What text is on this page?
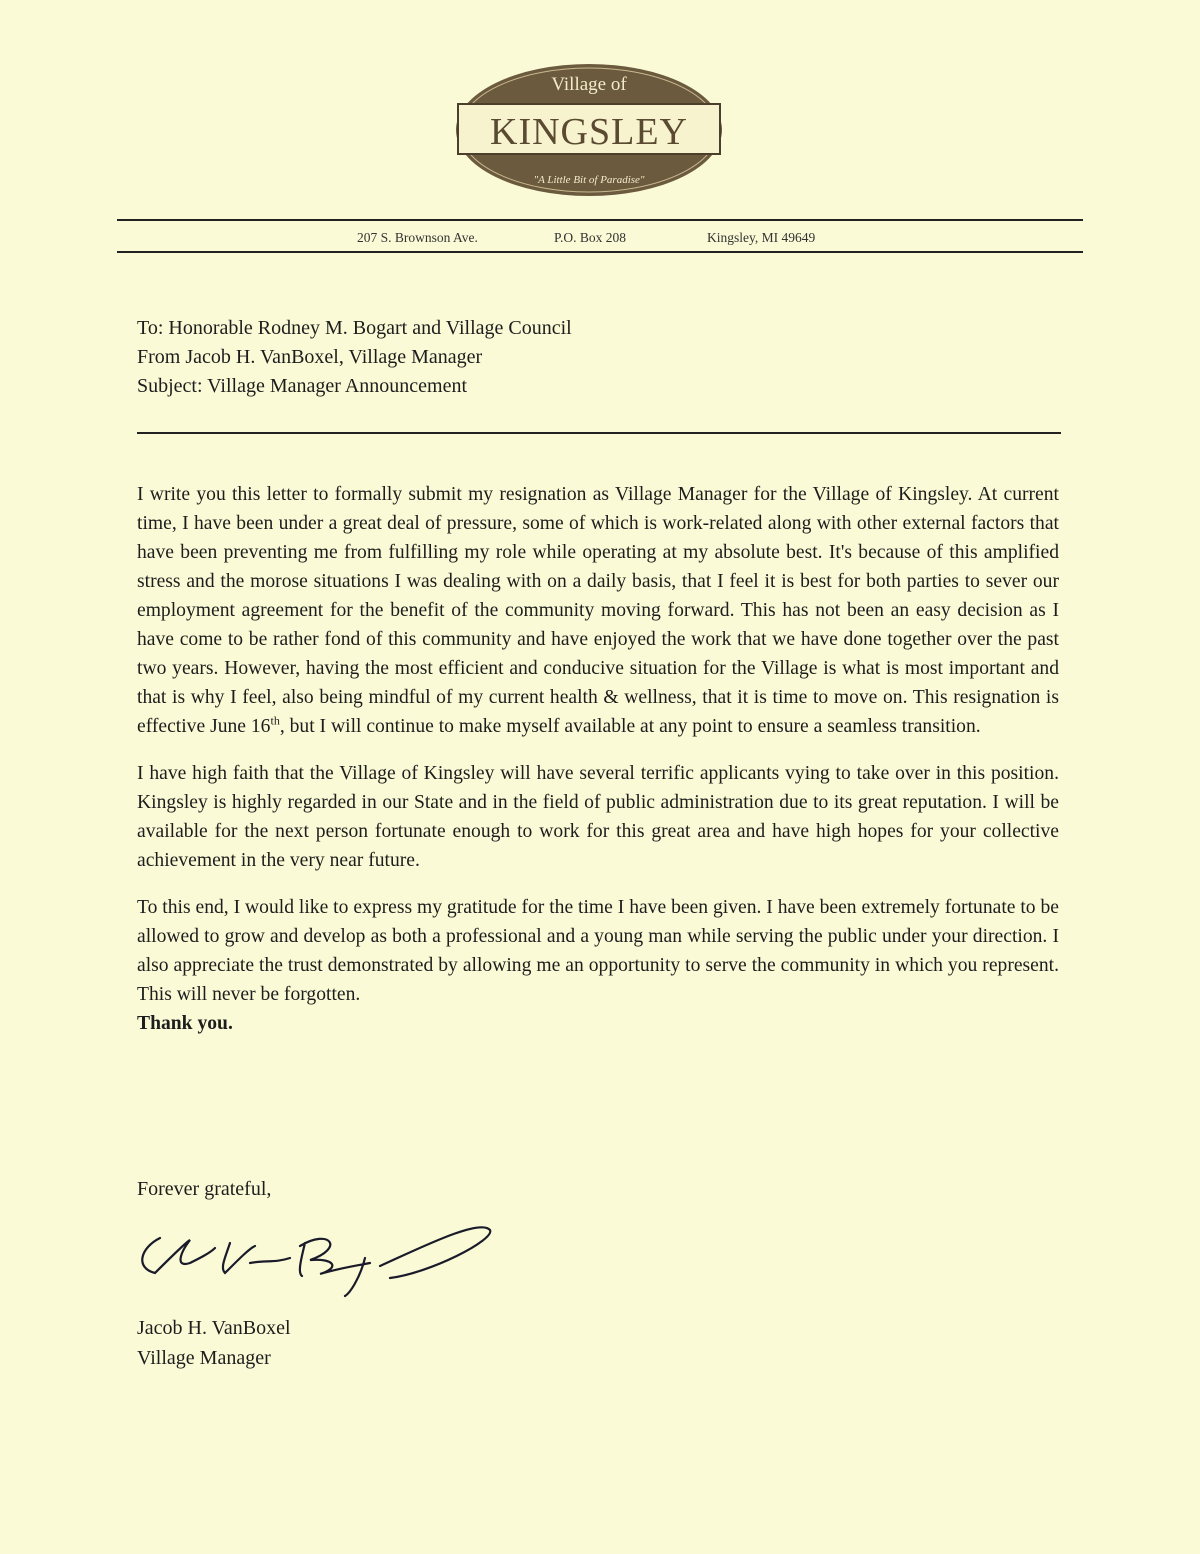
Village of
KINGSLEY
"A Little Bit of Paradise"
207 S. Brownson Ave.	P.O. Box 208	Kingsley, MI 49649
To: Honorable Rodney M. Bogart and Village Council
From Jacob H. VanBoxel, Village Manager
Subject: Village Manager Announcement

I write you this letter to formally submit my resignation as Village Manager for the Village of Kingsley. At current time, I have been under a great deal of pressure, some of which is work-related along with other external factors that have been preventing me from fulfilling my role while operating at my absolute best. It's because of this amplified stress and the morose situations I was dealing with on a daily basis, that I feel it is best for both parties to sever our employment agreement for the benefit of the community moving forward. This has not been an easy decision as I have come to be rather fond of this community and have enjoyed the work that we have done together over the past two years. However, having the most efficient and conducive situation for the Village is what is most important and that is why I feel, also being mindful of my current health & wellness, that it is time to move on. This resignation is effective June 16th, but I will continue to make myself available at any point to ensure a seamless transition.

I have high faith that the Village of Kingsley will have several terrific applicants vying to take over in this position. Kingsley is highly regarded in our State and in the field of public administration due to its great reputation. I will be available for the next person fortunate enough to work for this great area and have high hopes for your collective achievement in the very near future.

To this end, I would like to express my gratitude for the time I have been given. I have been extremely fortunate to be allowed to grow and develop as both a professional and a young man while serving the public under your direction. I also appreciate the trust demonstrated by allowing me an opportunity to serve the community in which you represent. This will never be forgotten.
Thank you.

Forever grateful,
Jacob H. VanBoxel
Village Manager
